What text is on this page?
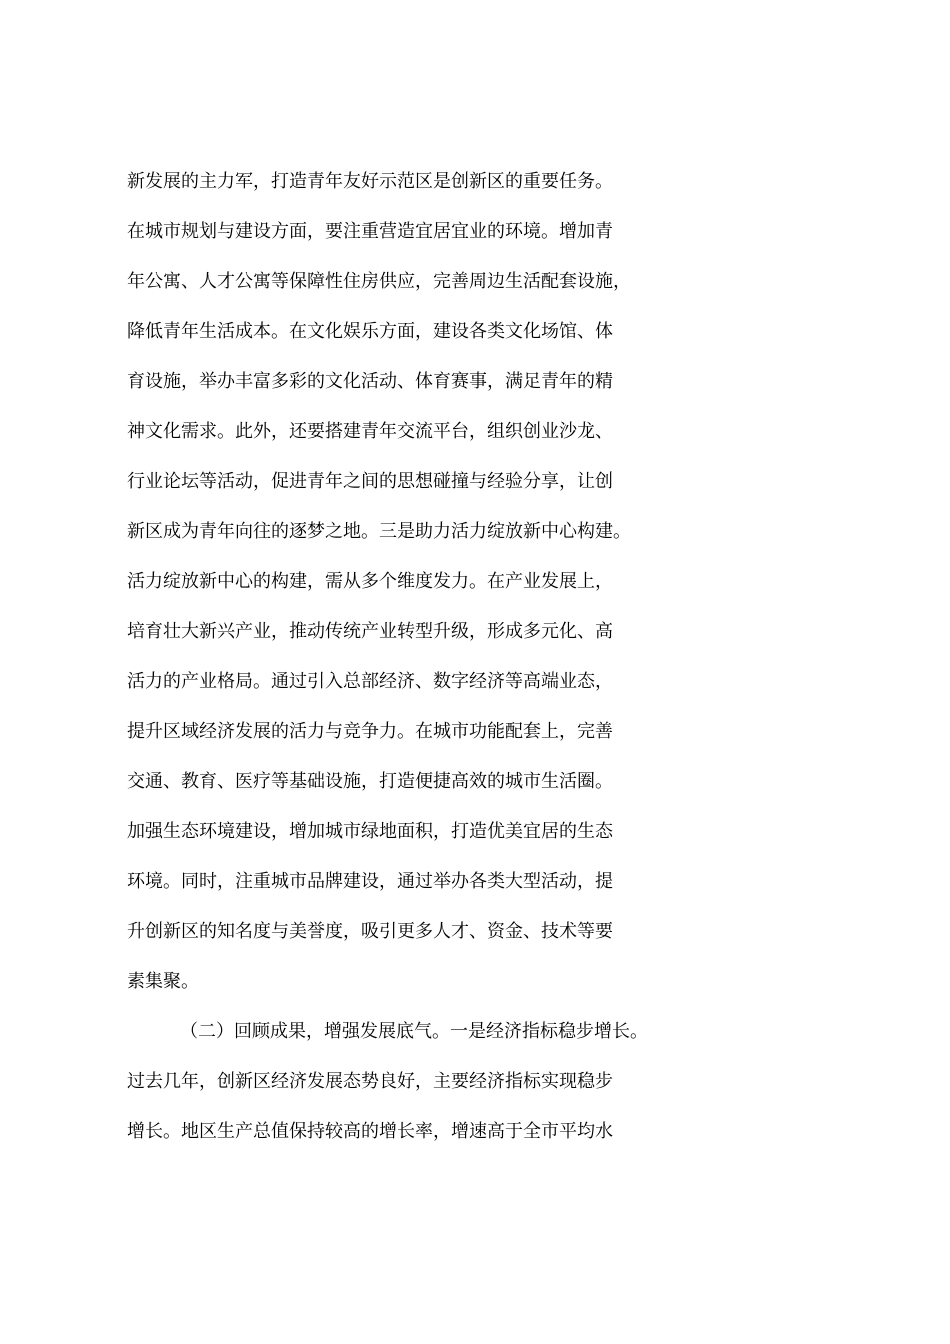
新发展的主力军，打造青年友好示范区是创新区的重要任务。
在城市规划与建设方面，要注重营造宜居宜业的环境。增加青
年公寓、人才公寓等保障性住房供应，完善周边生活配套设施，
降低青年生活成本。在文化娱乐方面，建设各类文化场馆、体
育设施，举办丰富多彩的文化活动、体育赛事，满足青年的精
神文化需求。此外，还要搭建青年交流平台，组织创业沙龙、
行业论坛等活动，促进青年之间的思想碰撞与经验分享，让创
新区成为青年向往的逐梦之地。三是助力活力绽放新中心构建。
活力绽放新中心的构建，需从多个维度发力。在产业发展上，
培育壮大新兴产业，推动传统产业转型升级，形成多元化、高
活力的产业格局。通过引入总部经济、数字经济等高端业态，
提升区域经济发展的活力与竞争力。在城市功能配套上，完善
交通、教育、医疗等基础设施，打造便捷高效的城市生活圈。
加强生态环境建设，增加城市绿地面积，打造优美宜居的生态
环境。同时，注重城市品牌建设，通过举办各类大型活动，提
升创新区的知名度与美誉度，吸引更多人才、资金、技术等要
素集聚。
（二）回顾成果，增强发展底气。一是经济指标稳步增长。
过去几年，创新区经济发展态势良好，主要经济指标实现稳步
增长。地区生产总值保持较高的增长率，增速高于全市平均水
